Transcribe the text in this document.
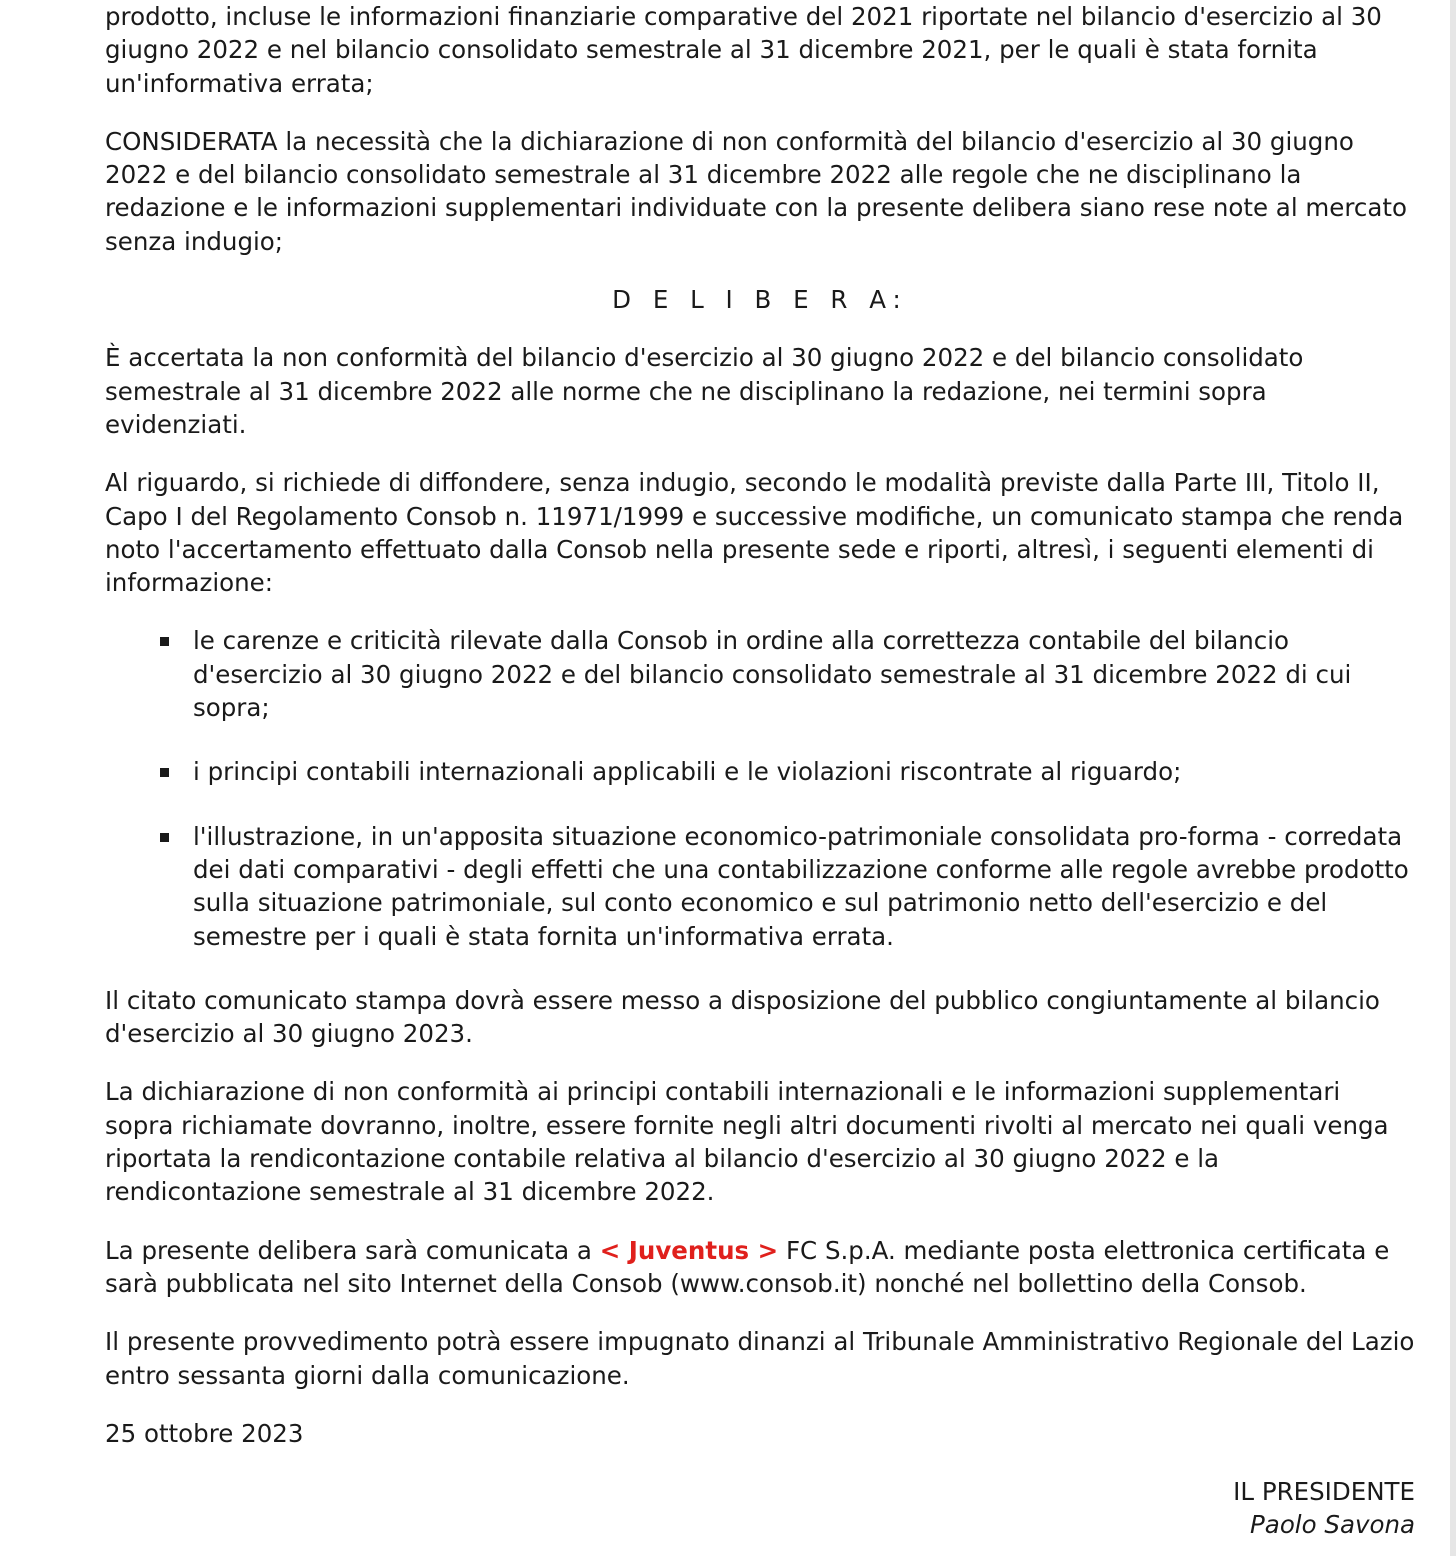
prodotto, incluse le informazioni finanziarie comparative del 2021 riportate nel bilancio d'esercizio al 30 giugno 2022 e nel bilancio consolidato semestrale al 31 dicembre 2021, per le quali è stata fornita un'informativa errata;

CONSIDERATA la necessità che la dichiarazione di non conformità del bilancio d'esercizio al 30 giugno 2022 e del bilancio consolidato semestrale al 31 dicembre 2022 alle regole che ne disciplinano la redazione e le informazioni supplementari individuate con la presente delibera siano rese note al mercato senza indugio;

D E L I B E R A:

È accertata la non conformità del bilancio d'esercizio al 30 giugno 2022 e del bilancio consolidato semestrale al 31 dicembre 2022 alle norme che ne disciplinano la redazione, nei termini sopra evidenziati.

Al riguardo, si richiede di diffondere, senza indugio, secondo le modalità previste dalla Parte III, Titolo II, Capo I del Regolamento Consob n. 11971/1999 e successive modifiche, un comunicato stampa che renda noto l'accertamento effettuato dalla Consob nella presente sede e riporti, altresì, i seguenti elementi di informazione:

le carenze e criticità rilevate dalla Consob in ordine alla correttezza contabile del bilancio d'esercizio al 30 giugno 2022 e del bilancio consolidato semestrale al 31 dicembre 2022 di cui sopra;
i principi contabili internazionali applicabili e le violazioni riscontrate al riguardo;
l'illustrazione, in un'apposita situazione economico-patrimoniale consolidata pro-forma - corredata dei dati comparativi - degli effetti che una contabilizzazione conforme alle regole avrebbe prodotto sulla situazione patrimoniale, sul conto economico e sul patrimonio netto dell'esercizio e del semestre per i quali è stata fornita un'informativa errata.

Il citato comunicato stampa dovrà essere messo a disposizione del pubblico congiuntamente al bilancio d'esercizio al 30 giugno 2023.

La dichiarazione di non conformità ai principi contabili internazionali e le informazioni supplementari sopra richiamate dovranno, inoltre, essere fornite negli altri documenti rivolti al mercato nei quali venga riportata la rendicontazione contabile relativa al bilancio d'esercizio al 30 giugno 2022 e la rendicontazione semestrale al 31 dicembre 2022.

La presente delibera sarà comunicata a < Juventus > FC S.p.A. mediante posta elettronica certificata e sarà pubblicata nel sito Internet della Consob (www.consob.it) nonché nel bollettino della Consob.

Il presente provvedimento potrà essere impugnato dinanzi al Tribunale Amministrativo Regionale del Lazio entro sessanta giorni dalla comunicazione.

25 ottobre 2023

IL PRESIDENTE
Paolo Savona
